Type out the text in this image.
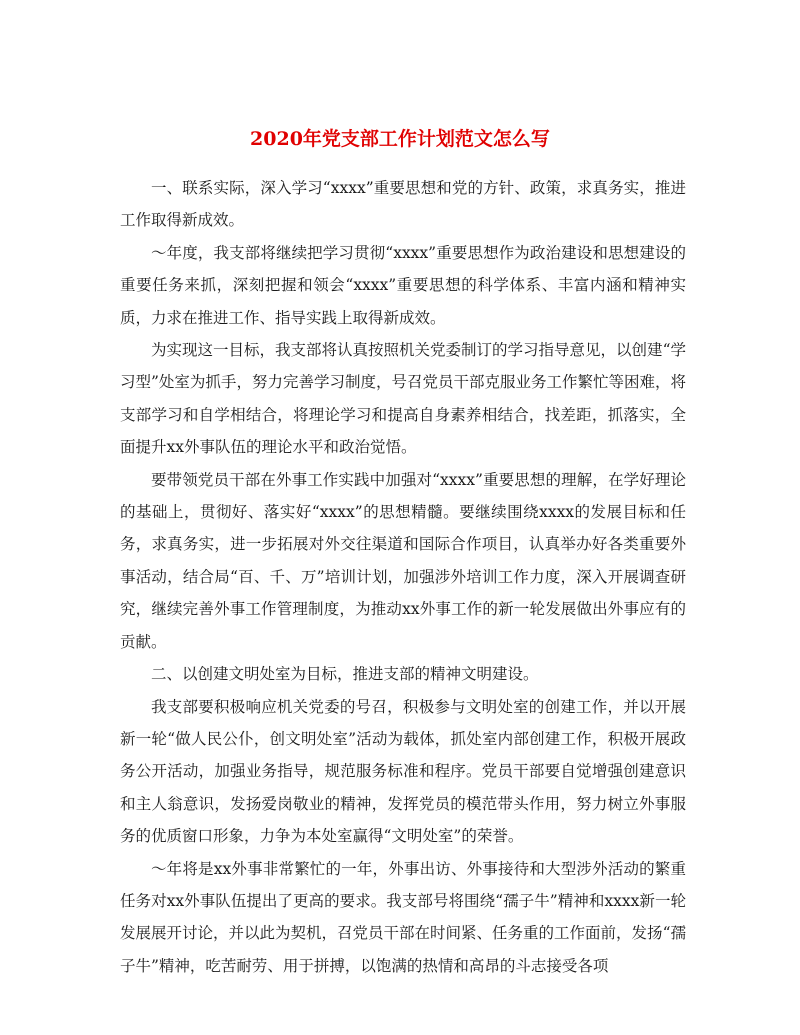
2020年党支部工作计划范文怎么写

一、联系实际，深入学习“xxxx”重要思想和党的方针、政策，求真务实，推进工作取得新成效。

～年度，我支部将继续把学习贯彻“xxxx”重要思想作为政治建设和思想建设的重要任务来抓，深刻把握和领会“xxxx”重要思想的科学体系、丰富内涵和精神实质，力求在推进工作、指导实践上取得新成效。

为实现这一目标，我支部将认真按照机关党委制订的学习指导意见，以创建“学习型”处室为抓手，努力完善学习制度，号召党员干部克服业务工作繁忙等困难，将支部学习和自学相结合，将理论学习和提高自身素养相结合，找差距，抓落实，全面提升xx外事队伍的理论水平和政治觉悟。

要带领党员干部在外事工作实践中加强对“xxxx”重要思想的理解，在学好理论的基础上，贯彻好、落实好“xxxx”的思想精髓。要继续围绕xxxx的发展目标和任务，求真务实，进一步拓展对外交往渠道和国际合作项目，认真举办好各类重要外事活动，结合局“百、千、万”培训计划，加强涉外培训工作力度，深入开展调查研究，继续完善外事工作管理制度，为推动xx外事工作的新一轮发展做出外事应有的贡献。

二、以创建文明处室为目标，推进支部的精神文明建设。

我支部要积极响应机关党委的号召，积极参与文明处室的创建工作，并以开展新一轮“做人民公仆，创文明处室”活动为载体，抓处室内部创建工作，积极开展政务公开活动，加强业务指导，规范服务标准和程序。党员干部要自觉增强创建意识和主人翁意识，发扬爱岗敬业的精神，发挥党员的模范带头作用，努力树立外事服务的优质窗口形象，力争为本处室赢得“文明处室”的荣誉。

～年将是xx外事非常繁忙的一年，外事出访、外事接待和大型涉外活动的繁重任务对xx外事队伍提出了更高的要求。我支部号将围绕“孺子牛”精神和xxxx新一轮发展展开讨论，并以此为契机，召党员干部在时间紧、任务重的工作面前，发扬“孺子牛”精神，吃苦耐劳、用于拼搏，以饱满的热情和高昂的斗志接受各项
